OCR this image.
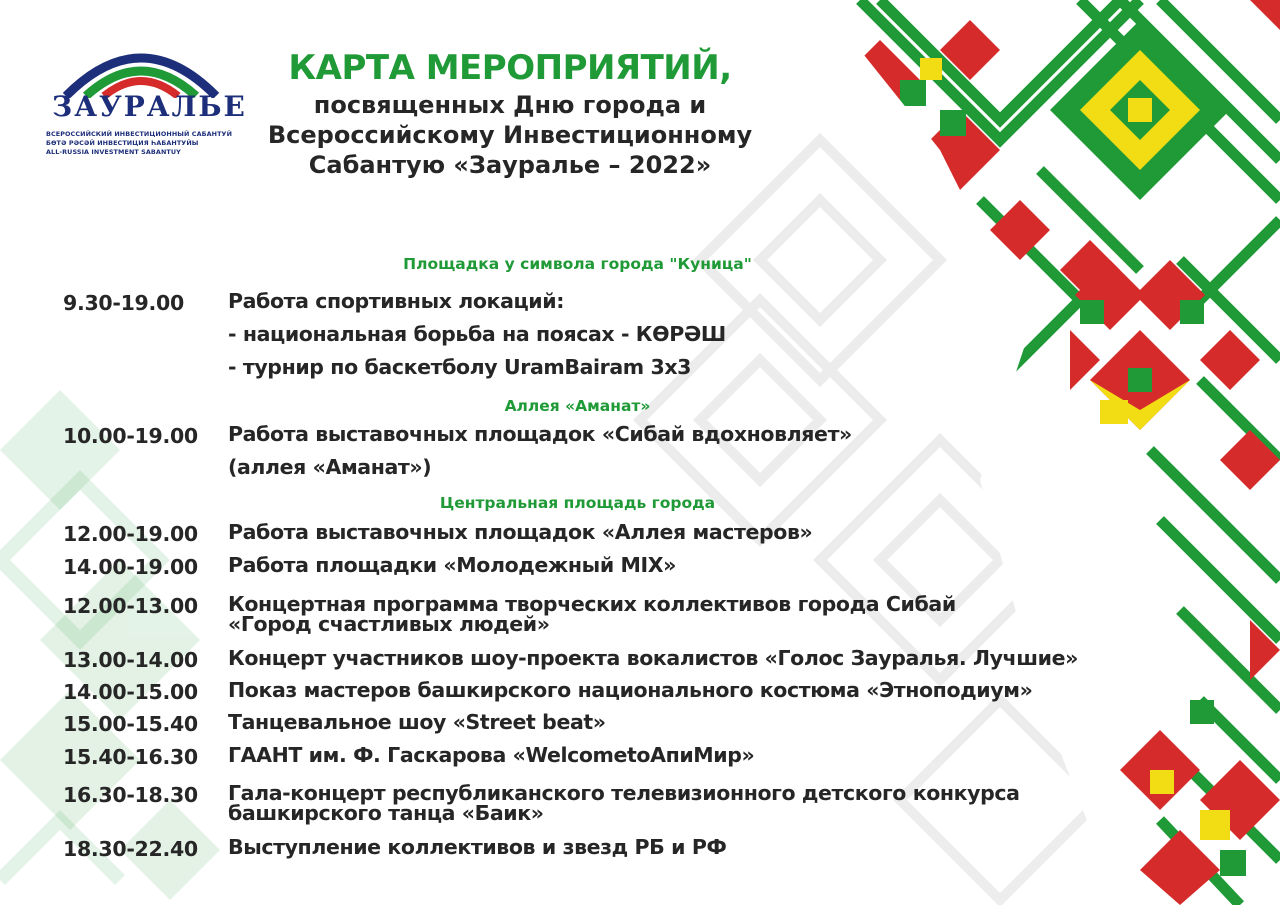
ЗАУРАЛЬЕ
ВСЕРОССИЙСКИЙ ИНВЕСТИЦИОННЫЙ САБАНТУЙ
БӨТӘ РӘСӘЙ ИНВЕСТИЦИЯ ҺАБАНТУЙЫ
ALL-RUSSIA INVESTMENT SABANTUY
КАРТА МЕРОПРИЯТИЙ,
посвященных Дню города и
Всероссийскому Инвестиционному
Сабантую «Зауралье – 2022»
Площадка у символа города "Куница"
Аллея «Аманат»
Центральная площадь города
9.30-19.00 Работа спортивных локаций:
- национальная борьба на поясах - КӨРӘШ
- турнир по баскетболу UramBairam 3x3
10.00-19.00 Работа выставочных площадок «Сибай вдохновляет»
(аллея «Аманат»)
12.00-19.00 Работа выставочных площадок «Аллея мастеров»
14.00-19.00 Работа площадки «Молодежный MIX»
12.00-13.00 Концертная программа творческих коллективов города Сибай
«Город счастливых людей»
13.00-14.00 Концерт участников шоу-проекта вокалистов «Голос Зауралья. Лучшие»
14.00-15.00 Показ мастеров башкирского национального костюма «Этноподиум»
15.00-15.40 Танцевальное шоу «Street beat»
15.40-16.30 ГААНТ им. Ф. Гаскарова «WelcometoАпиМир»
16.30-18.30 Гала-концерт республиканского телевизионного детского конкурса
башкирского танца «Баик»
18.30-22.40 Выступление коллективов и звезд РБ и РФ
